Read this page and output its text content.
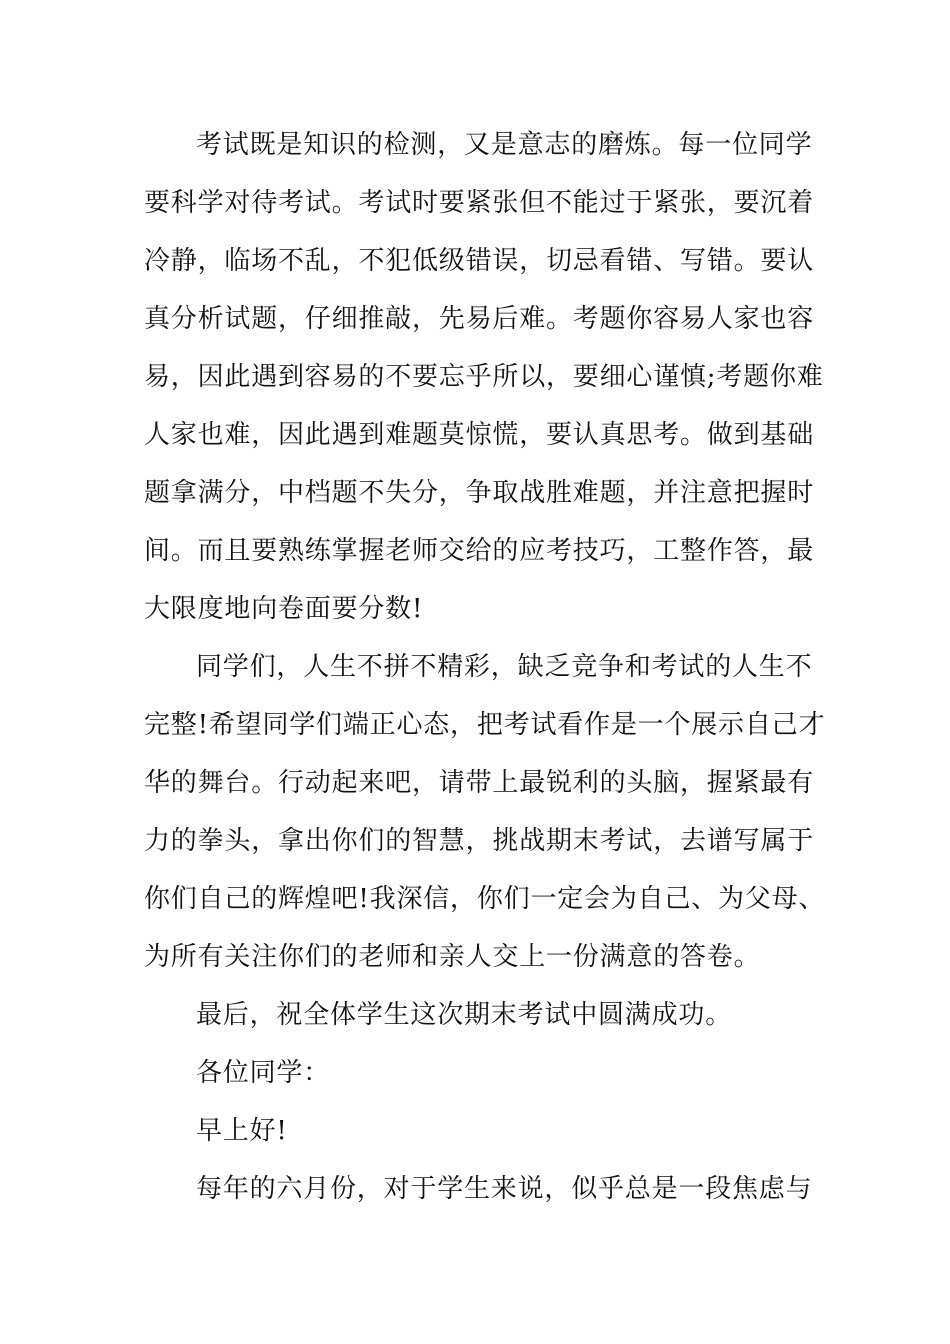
考试既是知识的检测，又是意志的磨炼。每一位同学
要科学对待考试。考试时要紧张但不能过于紧张，要沉着
冷静，临场不乱，不犯低级错误，切忌看错、写错。要认
真分析试题，仔细推敲，先易后难。考题你容易人家也容
易，因此遇到容易的不要忘乎所以，要细心谨慎;考题你难
人家也难，因此遇到难题莫惊慌，要认真思考。做到基础
题拿满分，中档题不失分，争取战胜难题，并注意把握时
间。而且要熟练掌握老师交给的应考技巧，工整作答，最
大限度地向卷面要分数!
同学们，人生不拼不精彩，缺乏竞争和考试的人生不
完整!希望同学们端正心态，把考试看作是一个展示自己才
华的舞台。行动起来吧，请带上最锐利的头脑，握紧最有
力的拳头，拿出你们的智慧，挑战期末考试，去谱写属于
你们自己的辉煌吧!我深信，你们一定会为自己、为父母、
为所有关注你们的老师和亲人交上一份满意的答卷。
最后，祝全体学生这次期末考试中圆满成功。
各位同学：
早上好!
每年的六月份，对于学生来说，似乎总是一段焦虑与
